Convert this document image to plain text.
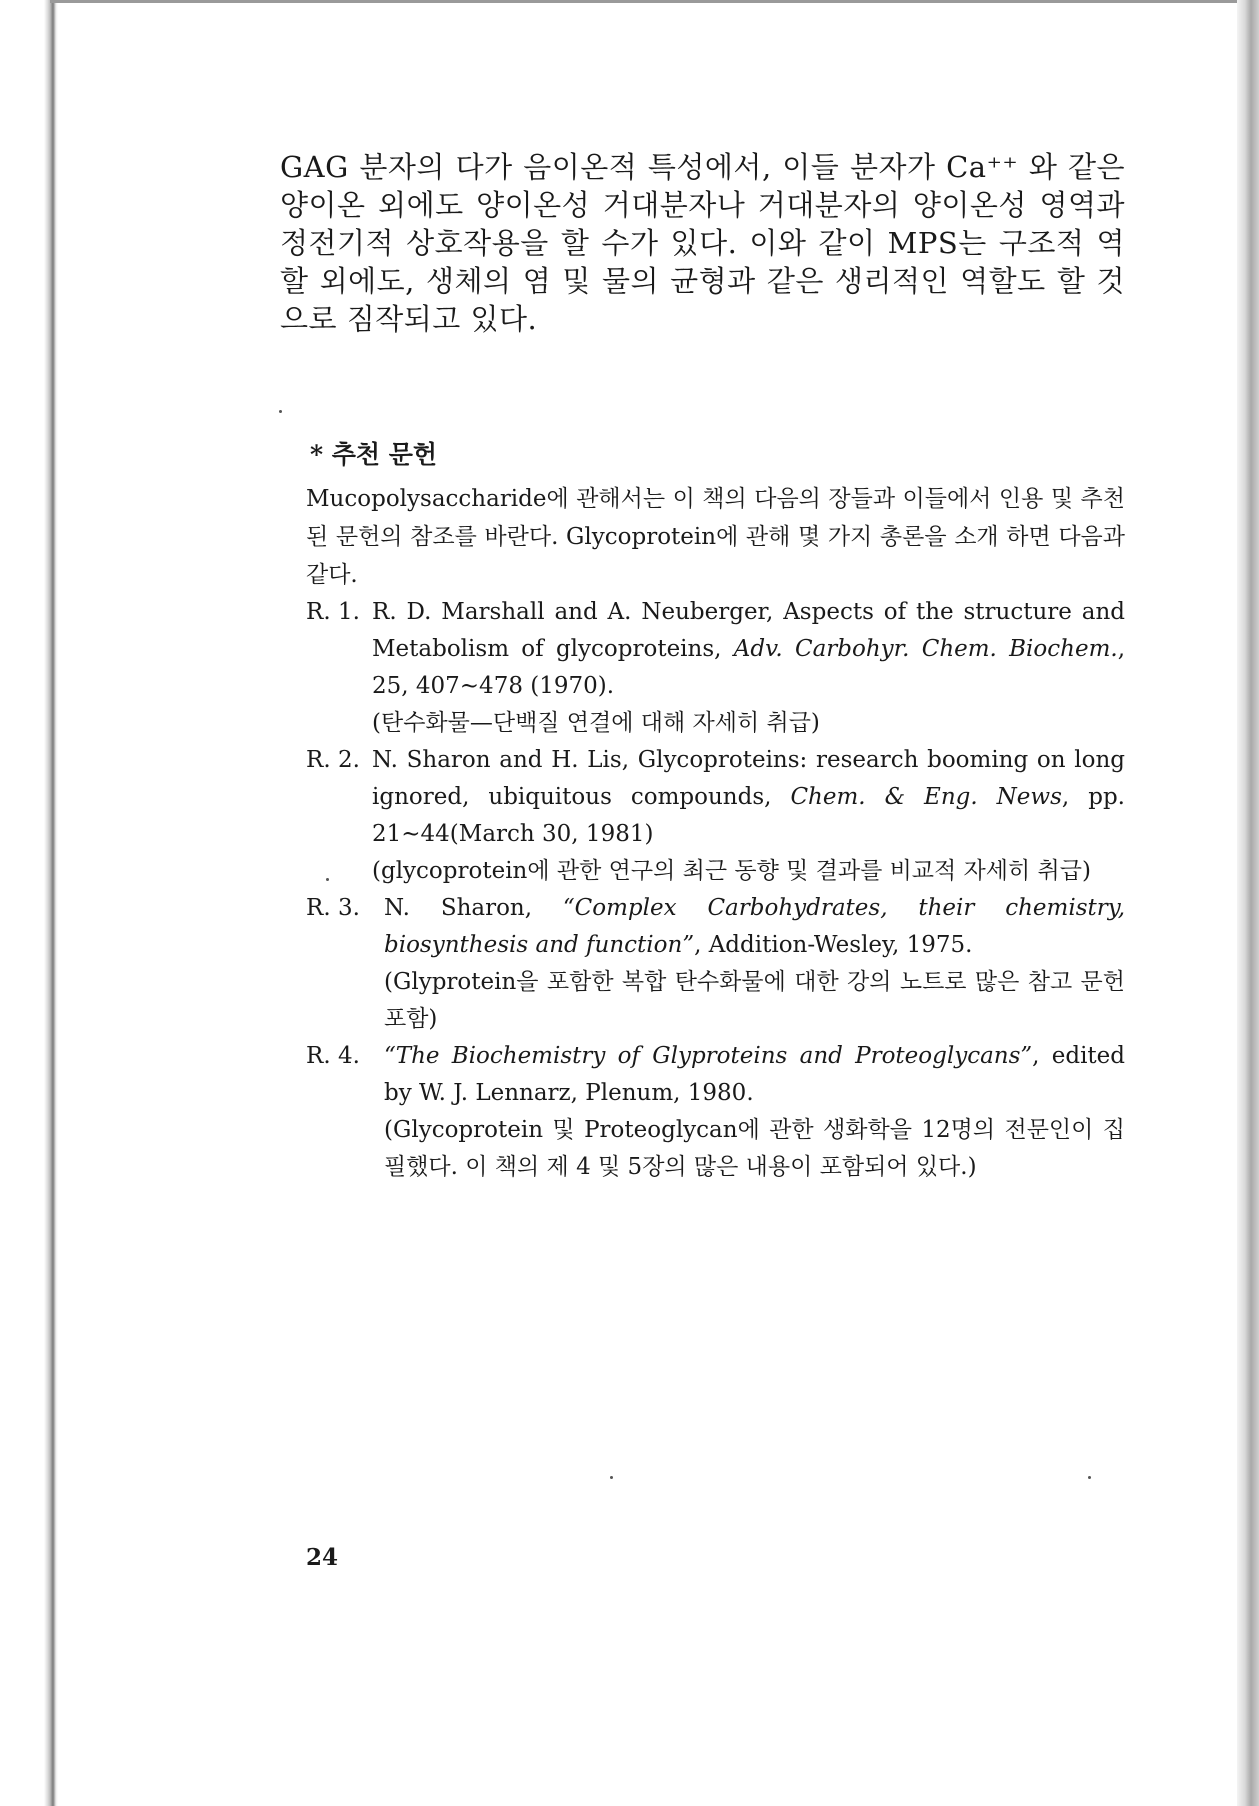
GAG 분자의 다가 음이온적 특성에서, 이들 분자가 Ca⁺⁺ 와 같은 양이온 외에도 양이온성 거대분자나 거대분자의 양이온성 영역과 정전기적 상호작용을 할 수가 있다. 이와 같이 MPS는 구조적 역할 외에도, 생체의 염 및 물의 균형과 같은 생리적인 역할도 할 것으로 짐작되고 있다.
* 추천 문헌
Mucopolysaccharide에 관해서는 이 책의 다음의 장들과 이들에서 인용 및 추천된 문헌의 참조를 바란다. Glycoprotein에 관해 몇 가지 총론을 소개 하면 다음과 같다.
R. 1. R. D. Marshall and A. Neuberger, Aspects of the structure and Metabolism of glycoproteins, Adv. Carbohyr. Chem. Biochem., 25, 407∼478 (1970).
(탄수화물—단백질 연결에 대해 자세히 취급)
R. 2. N. Sharon and H. Lis, Glycoproteins: research booming on long ignored, ubiquitous compounds, Chem. & Eng. News, pp. 21∼44(March 30, 1981)
(glycoprotein에 관한 연구의 최근 동향 및 결과를 비교적 자세히 취급)
R. 3.	N. Sharon, “Complex Carbohydrates, their chemistry, biosynthesis and function”, Addition-Wesley, 1975.
(Glyprotein을 포함한 복합 탄수화물에 대한 강의 노트로 많은 참고 문헌 포함)
R. 4.	“The Biochemistry of Glyproteins and Proteoglycans”, edited by W. J. Lennarz, Plenum, 1980.
(Glycoprotein 및 Proteoglycan에 관한 생화학을 12명의 전문인이 집필했다. 이 책의 제 4 및 5장의 많은 내용이 포함되어 있다.)
24
